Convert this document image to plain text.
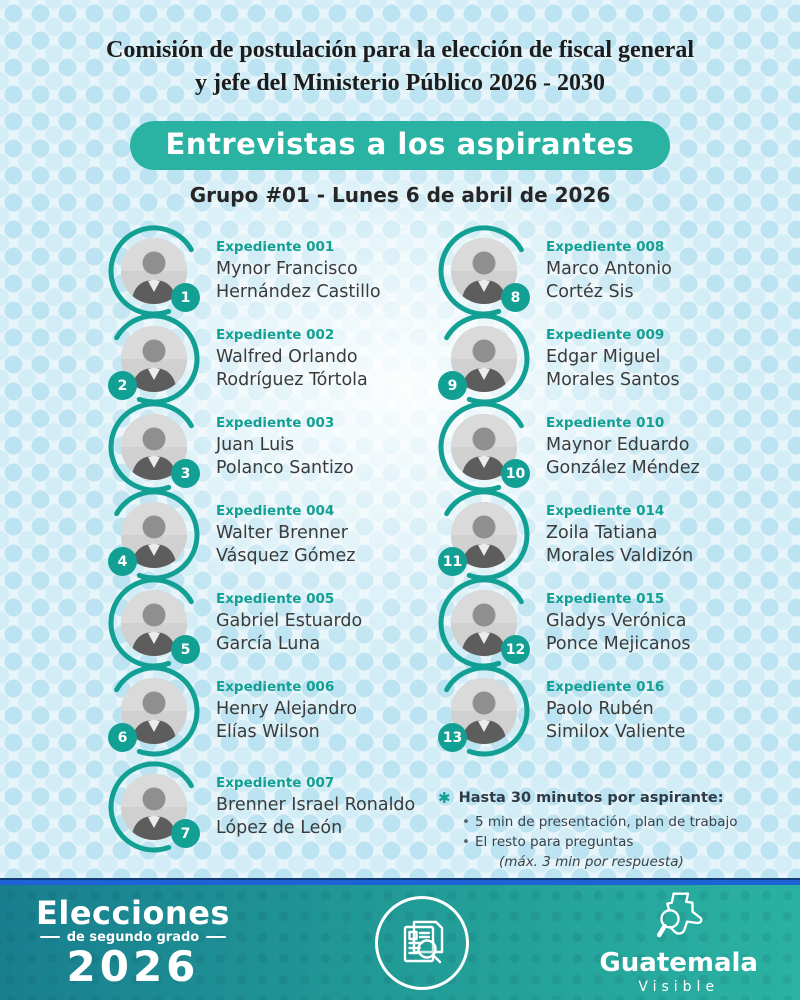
Comisión de postulación para la elección de fiscal general
y jefe del Ministerio Público 2026 - 2030
Entrevistas a los aspirantes
Grupo #01 - Lunes 6 de abril de 2026
1
Expediente 001
Mynor Francisco
Hernández Castillo
2
Expediente 002
Walfred Orlando
Rodríguez Tórtola
3
Expediente 003
Juan Luis
Polanco Santizo
4
Expediente 004
Walter Brenner
Vásquez Gómez
5
Expediente 005
Gabriel Estuardo
García Luna
6
Expediente 006
Henry Alejandro
Elías Wilson
7
Expediente 007
Brenner Israel Ronaldo
López de León
8
Expediente 008
Marco Antonio
Cortéz Sis
9
Expediente 009
Edgar Miguel
Morales Santos
10
Expediente 010
Maynor Eduardo
González Méndez
11
Expediente 014
Zoila Tatiana
Morales Valdizón
12
Expediente 015
Gladys Verónica
Ponce Mejicanos
13
Expediente 016
Paolo Rubén
Similox Valiente
✱ Hasta 30 minutos por aspirante:
• 5 min de presentación, plan de trabajo
• El resto para preguntas
(máx. 3 min por respuesta)
Elecciones
de segundo grado
2026	Guatemala
Visible
